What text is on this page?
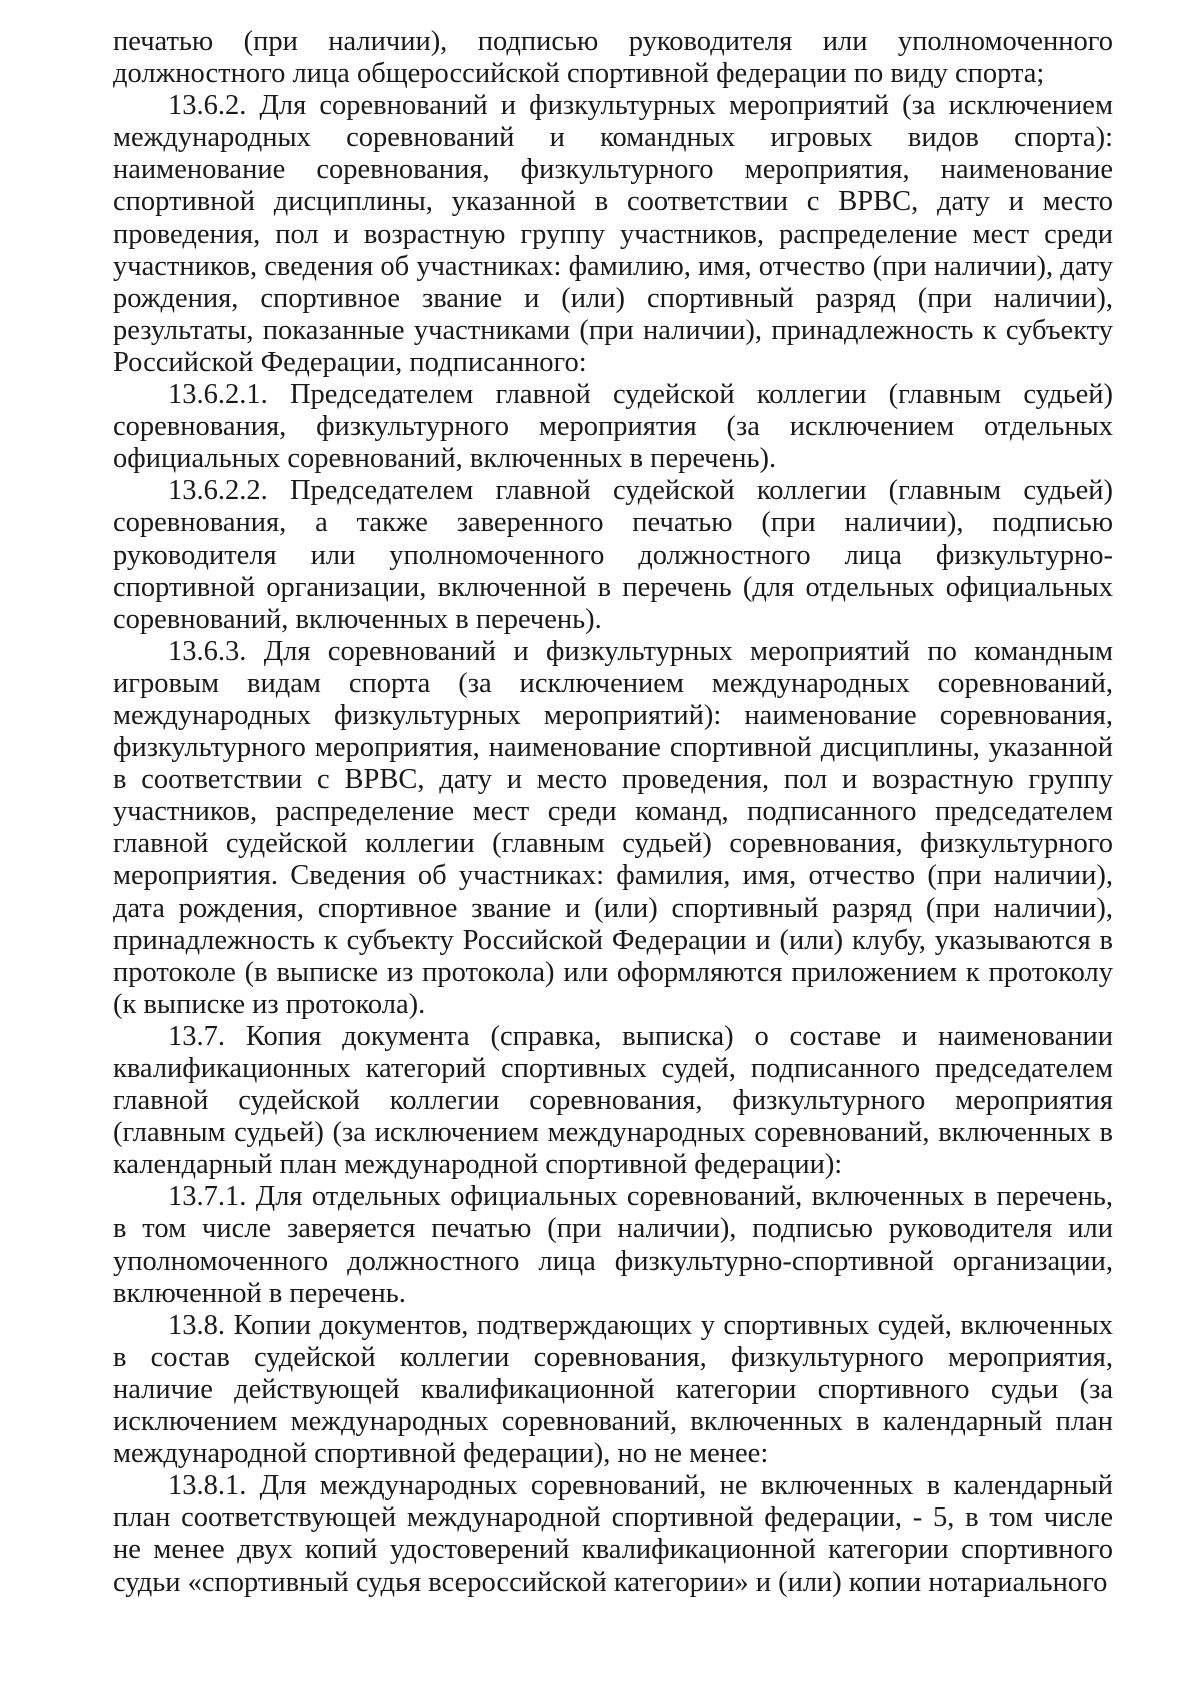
печатью (при наличии), подписью руководителя или уполномоченного должностного лица общероссийской спортивной федерации по виду спорта;

13.6.2. Для соревнований и физкультурных мероприятий (за исключением международных соревнований и командных игровых видов спорта): наименование соревнования, физкультурного мероприятия, наименование спортивной дисциплины, указанной в соответствии с ВРВС, дату и место проведения, пол и возрастную группу участников, распределение мест среди участников, сведения об участниках: фамилию, имя, отчество (при наличии), дату рождения, спортивное звание и (или) спортивный разряд (при наличии), результаты, показанные участниками (при наличии), принадлежность к субъекту Российской Федерации, подписанного:

13.6.2.1. Председателем главной судейской коллегии (главным судьей) соревнования, физкультурного мероприятия (за исключением отдельных официальных соревнований, включенных в перечень).

13.6.2.2. Председателем главной судейской коллегии (главным судьей) соревнования, а также заверенного печатью (при наличии), подписью руководителя или уполномоченного должностного лица физкультурно-спортивной организации, включенной в перечень (для отдельных официальных соревнований, включенных в перечень).

13.6.3. Для соревнований и физкультурных мероприятий по командным игровым видам спорта (за исключением международных соревнований, международных физкультурных мероприятий): наименование соревнования, физкультурного мероприятия, наименование спортивной дисциплины, указанной в соответствии с ВРВС, дату и место проведения, пол и возрастную группу участников, распределение мест среди команд, подписанного председателем главной судейской коллегии (главным судьей) соревнования, физкультурного мероприятия. Сведения об участниках: фамилия, имя, отчество (при наличии), дата рождения, спортивное звание и (или) спортивный разряд (при наличии), принадлежность к субъекту Российской Федерации и (или) клубу, указываются в протоколе (в выписке из протокола) или оформляются приложением к протоколу (к выписке из протокола).

13.7. Копия документа (справка, выписка) о составе и наименовании квалификационных категорий спортивных судей, подписанного председателем главной судейской коллегии соревнования, физкультурного мероприятия (главным судьей) (за исключением международных соревнований, включенных в календарный план международной спортивной федерации):

13.7.1. Для отдельных официальных соревнований, включенных в перечень, в том числе заверяется печатью (при наличии), подписью руководителя или уполномоченного должностного лица физкультурно-спортивной организации, включенной в перечень.

13.8. Копии документов, подтверждающих у спортивных судей, включенных в состав судейской коллегии соревнования, физкультурного мероприятия, наличие действующей квалификационной категории спортивного судьи (за исключением международных соревнований, включенных в календарный план международной спортивной федерации), но не менее:

13.8.1. Для международных соревнований, не включенных в календарный план соответствующей международной спортивной федерации, - 5, в том числе не менее двух копий удостоверений квалификационной категории спортивного судьи «спортивный судья всероссийской категории» и (или) копии нотариального
